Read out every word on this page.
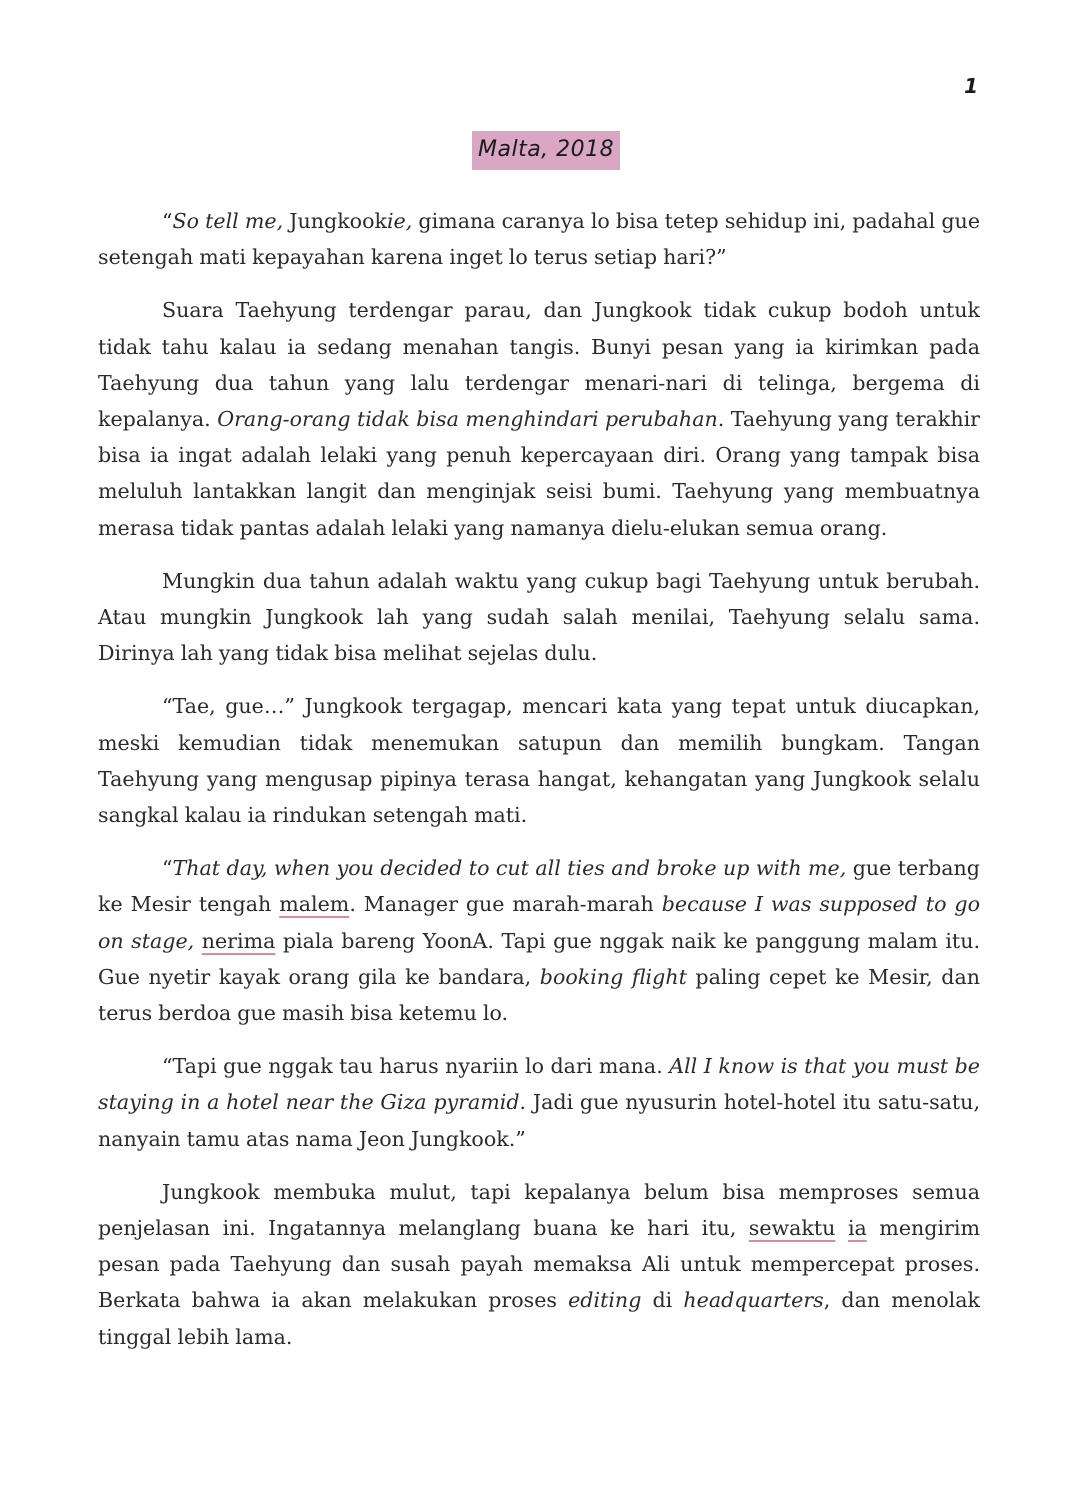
1
Malta, 2018

“So tell me, Jungkookie, gimana caranya lo bisa tetep sehidup ini, padahal gue setengah mati kepayahan karena inget lo terus setiap hari?”

Suara Taehyung terdengar parau, dan Jungkook tidak cukup bodoh untuk tidak tahu kalau ia sedang menahan tangis. Bunyi pesan yang ia kirimkan pada Taehyung dua tahun yang lalu terdengar menari-nari di telinga, bergema di kepalanya. Orang-orang tidak bisa menghindari perubahan. Taehyung yang terakhir bisa ia ingat adalah lelaki yang penuh kepercayaan diri. Orang yang tampak bisa meluluh lantakkan langit dan menginjak seisi bumi. Taehyung yang membuatnya merasa tidak pantas adalah lelaki yang namanya dielu-elukan semua orang.

Mungkin dua tahun adalah waktu yang cukup bagi Taehyung untuk berubah. Atau mungkin Jungkook lah yang sudah salah menilai, Taehyung selalu sama. Dirinya lah yang tidak bisa melihat sejelas dulu.

“Tae, gue…” Jungkook tergagap, mencari kata yang tepat untuk diucapkan, meski kemudian tidak menemukan satupun dan memilih bungkam. Tangan Taehyung yang mengusap pipinya terasa hangat, kehangatan yang Jungkook selalu sangkal kalau ia rindukan setengah mati.

“That day, when you decided to cut all ties and broke up with me, gue terbang ke Mesir tengah malem. Manager gue marah-marah because I was supposed to go on stage, nerima piala bareng YoonA. Tapi gue nggak naik ke panggung malam itu. Gue nyetir kayak orang gila ke bandara, booking flight paling cepet ke Mesir, dan terus berdoa gue masih bisa ketemu lo.

“Tapi gue nggak tau harus nyariin lo dari mana. All I know is that you must be staying in a hotel near the Giza pyramid. Jadi gue nyusurin hotel-hotel itu satu-satu, nanyain tamu atas nama Jeon Jungkook.”

Jungkook membuka mulut, tapi kepalanya belum bisa memproses semua penjelasan ini. Ingatannya melanglang buana ke hari itu, sewaktu ia mengirim pesan pada Taehyung dan susah payah memaksa Ali untuk mempercepat proses. Berkata bahwa ia akan melakukan proses editing di headquarters, dan menolak tinggal lebih lama.
